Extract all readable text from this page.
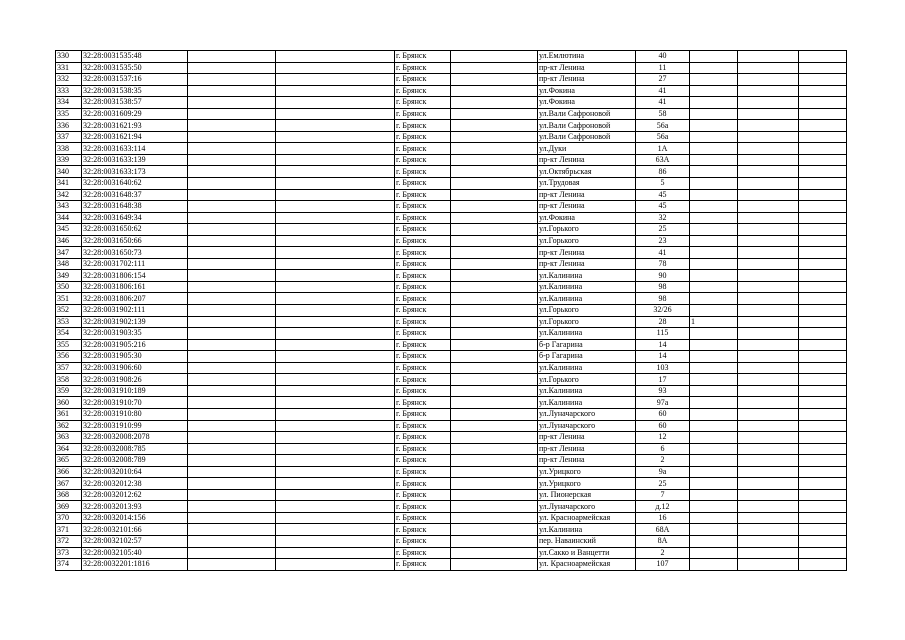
330	32:28:0031535:48			г. Брянск		ул.Емлютина	40			
331	32:28:0031535:50			г. Брянск		пр-кт Ленина	11			
332	32:28:0031537:16			г. Брянск		пр-кт Ленина	27			
333	32:28:0031538:35			г. Брянск		ул.Фокина	41			
334	32:28:0031538:57			г. Брянск		ул.Фокина	41			
335	32:28:0031609:29			г. Брянск		ул.Вали Сафроновой	58			
336	32:28:0031621:93			г. Брянск		ул.Вали Сафроновой	56а			
337	32:28:0031621:94			г. Брянск		ул.Вали Сафроновой	56а			
338	32:28:0031633:114			г. Брянск		ул.Дуки	1А			
339	32:28:0031633:139			г. Брянск		пр-кт Ленина	63А			
340	32:28:0031633:173			г. Брянск		ул.Октябрьская	86			
341	32:28:0031640:62			г. Брянск		ул.Трудовая	5			
342	32:28:0031648:37			г. Брянск		пр-кт Ленина	45			
343	32:28:0031648:38			г. Брянск		пр-кт Ленина	45			
344	32:28:0031649:34			г. Брянск		ул.Фокина	32			
345	32:28:0031650:62			г. Брянск		ул.Горького	25			
346	32:28:0031650:66			г. Брянск		ул.Горького	23			
347	32:28:0031650:73			г. Брянск		пр-кт Ленина	41			
348	32:28:0031702:111			г. Брянск		пр-кт Ленина	78			
349	32:28:0031806:154			г. Брянск		ул.Калинина	90			
350	32:28:0031806:161			г. Брянск		ул.Калинина	98			
351	32:28:0031806:207			г. Брянск		ул.Калинина	98			
352	32:28:0031902:111			г. Брянск		ул.Горького	32/26			
353	32:28:0031902:139			г. Брянск		ул.Горького	28	1		
354	32:28:0031903:35			г. Брянск		ул.Калинина	115			
355	32:28:0031905:216			г. Брянск		б-р Гагарина	14			
356	32:28:0031905:30			г. Брянск		б-р Гагарина	14			
357	32:28:0031906:60			г. Брянск		ул.Калинина	103			
358	32:28:0031908:26			г. Брянск		ул.Горького	17			
359	32:28:0031910:189			г. Брянск		ул.Калинина	93			
360	32:28:0031910:70			г. Брянск		ул.Калинина	97а			
361	32:28:0031910:80			г. Брянск		ул.Луначарского	60			
362	32:28:0031910:99			г. Брянск		ул.Луначарского	60			
363	32:28:0032008:2078			г. Брянск		пр-кт Ленина	12			
364	32:28:0032008:785			г. Брянск		пр-кт Ленина	6			
365	32:28:0032008:789			г. Брянск		пр-кт Ленина	2			
366	32:28:0032010:64			г. Брянск		ул.Урицкого	9а			
367	32:28:0032012:38			г. Брянск		ул.Урицкого	25			
368	32:28:0032012:62			г. Брянск		ул. Пионерская	7			
369	32:28:0032013:93			г. Брянск		ул.Луначарского	д.12			
370	32:28:0032014:156			г. Брянск		ул. Красноармейская	16			
371	32:28:0032101:66			г. Брянск		ул.Калинина	68А			
372	32:28:0032102:57			г. Брянск		пер. Наваинский	8А			
373	32:28:0032105:40			г. Брянск		ул.Сакко и Ванцетти	2			
374	32:28:0032201:1816			г. Брянск		ул. Красноармейская	107			
